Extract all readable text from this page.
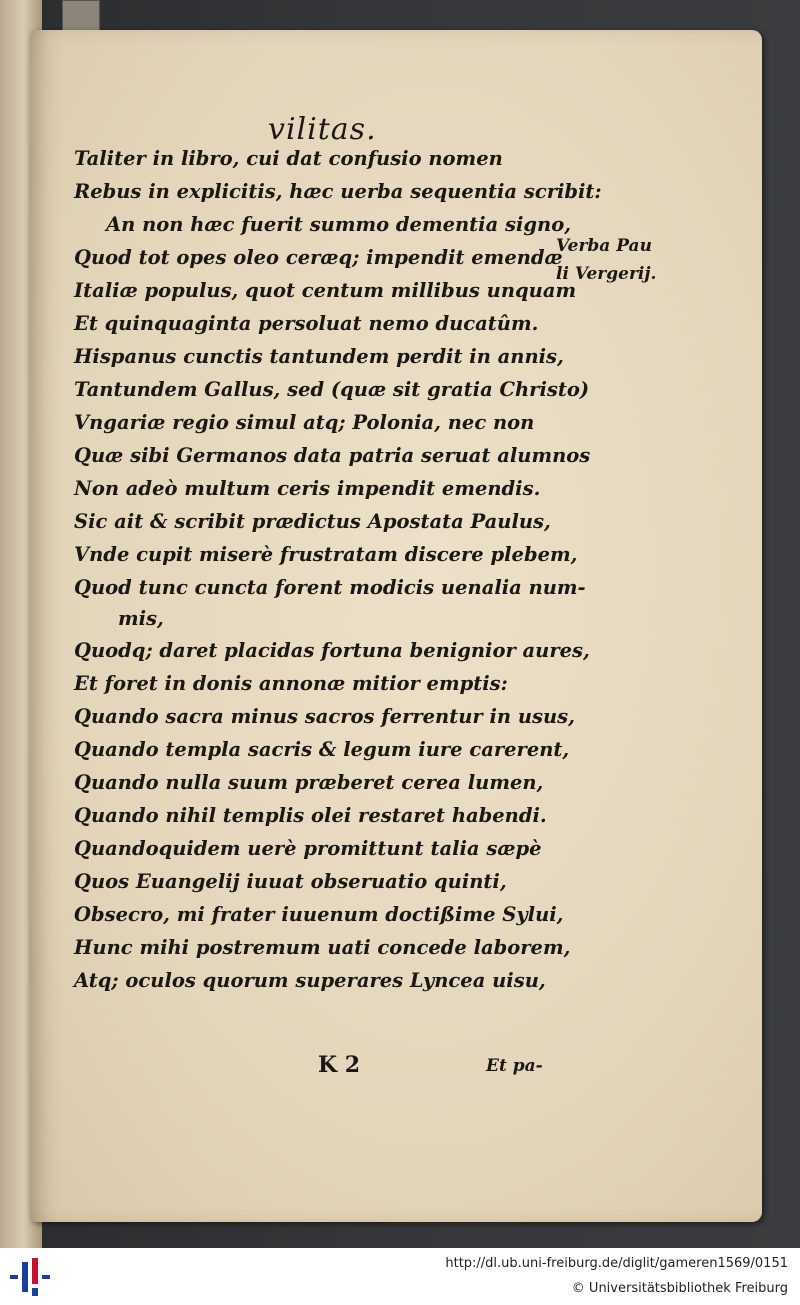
vilitas.
Taliter in libro, cui dat confusio nomen
Rebus in explicitis, hæc uerba sequentia scribit:
An non hæc fuerit summo dementia signo,
Quod tot opes oleo ceræq; impendit emendæ
Italiæ populus, quot centum millibus unquam
Et quinquaginta persoluat nemo ducatûm.
Hispanus cunctis tantundem perdit in annis,
Tantundem Gallus, sed (quæ sit gratia Christo)
Vngariæ regio simul atq; Polonia, nec non
Quæ sibi Germanos data patria seruat alumnos
Non adeò multum ceris impendit emendis.
Sic ait & scribit prædictus Apostata Paulus,
Vnde cupit miserè frustratam discere plebem,
Quod tunc cuncta forent modicis uenalia num-
mis,
Quodq; daret placidas fortuna benignior aures,
Et foret in donis annonæ mitior emptis:
Quando sacra minus sacros ferrentur in usus,
Quando templa sacris & legum iure carerent,
Quando nulla suum præberet cerea lumen,
Quando nihil templis olei restaret habendi.
Quandoquidem uerè promittunt talia sæpè
Quos Euangelij iuuat obseruatio quinti,
Obsecro, mi frater iuuenum doctißime Sylui,
Hunc mihi postremum uati concede laborem,
Atq; oculos quorum superares Lyncea uisu,
Verba Pau
li Vergerij.
K 2	Et pa-
http://dl.ub.uni-freiburg.de/diglit/gameren1569/0151
© Universitätsbibliothek Freiburg
